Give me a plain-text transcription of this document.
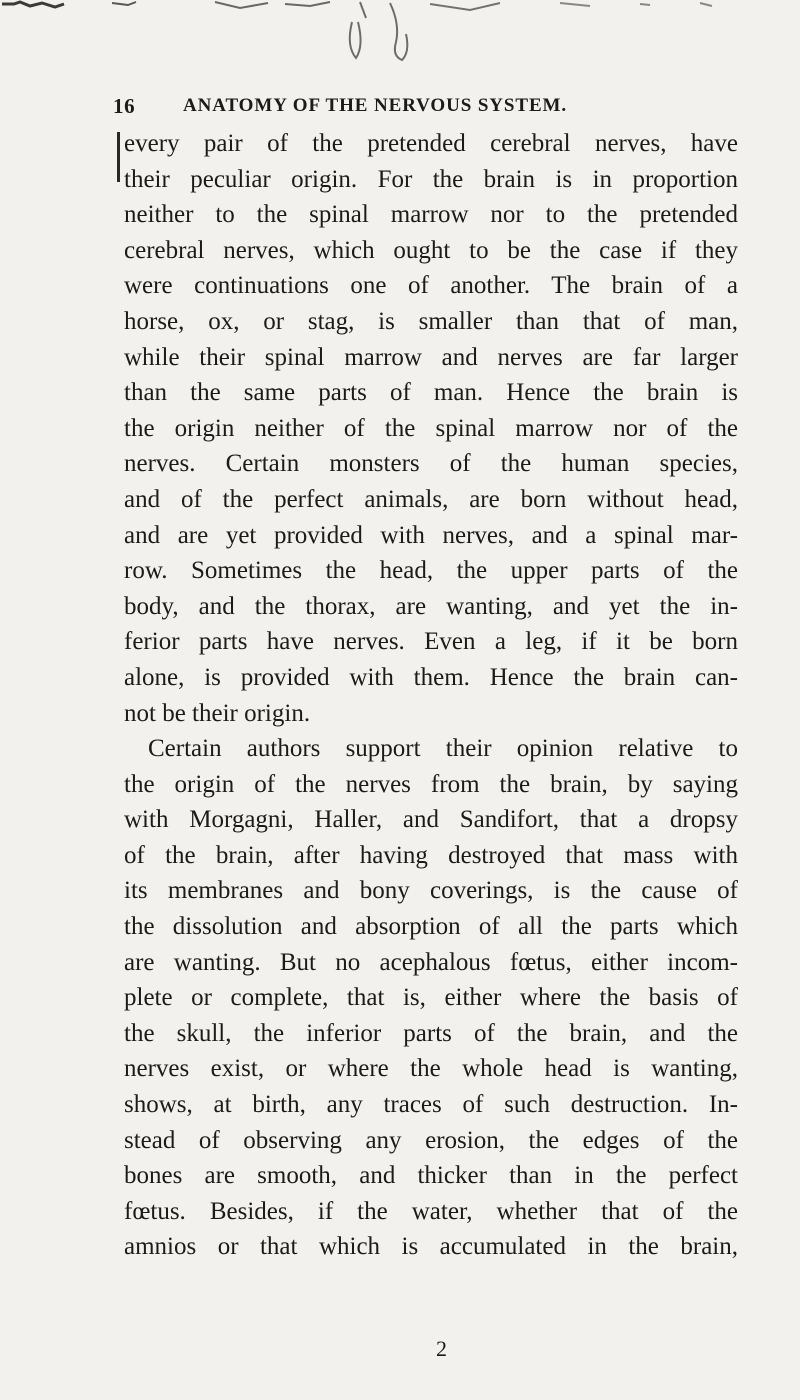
16	ANATOMY OF THE NERVOUS SYSTEM.
every pair of the pretended cerebral nerves, have
their peculiar origin. For the brain is in proportion
neither to the spinal marrow nor to the pretended
cerebral nerves, which ought to be the case if they
were continuations one of another. The brain of a
horse, ox, or stag, is smaller than that of man,
while their spinal marrow and nerves are far larger
than the same parts of man. Hence the brain is
the origin neither of the spinal marrow nor of the
nerves. Certain monsters of the human species,
and of the perfect animals, are born without head,
and are yet provided with nerves, and a spinal mar-
row. Sometimes the head, the upper parts of the
body, and the thorax, are wanting, and yet the in-
ferior parts have nerves. Even a leg, if it be born
alone, is provided with them. Hence the brain can-
not be their origin.
Certain authors support their opinion relative to
the origin of the nerves from the brain, by saying
with Morgagni, Haller, and Sandifort, that a dropsy
of the brain, after having destroyed that mass with
its membranes and bony coverings, is the cause of
the dissolution and absorption of all the parts which
are wanting. But no acephalous fœtus, either incom-
plete or complete, that is, either where the basis of
the skull, the inferior parts of the brain, and the
nerves exist, or where the whole head is wanting,
shows, at birth, any traces of such destruction. In-
stead of observing any erosion, the edges of the
bones are smooth, and thicker than in the perfect
fœtus. Besides, if the water, whether that of the
amnios or that which is accumulated in the brain,
2
